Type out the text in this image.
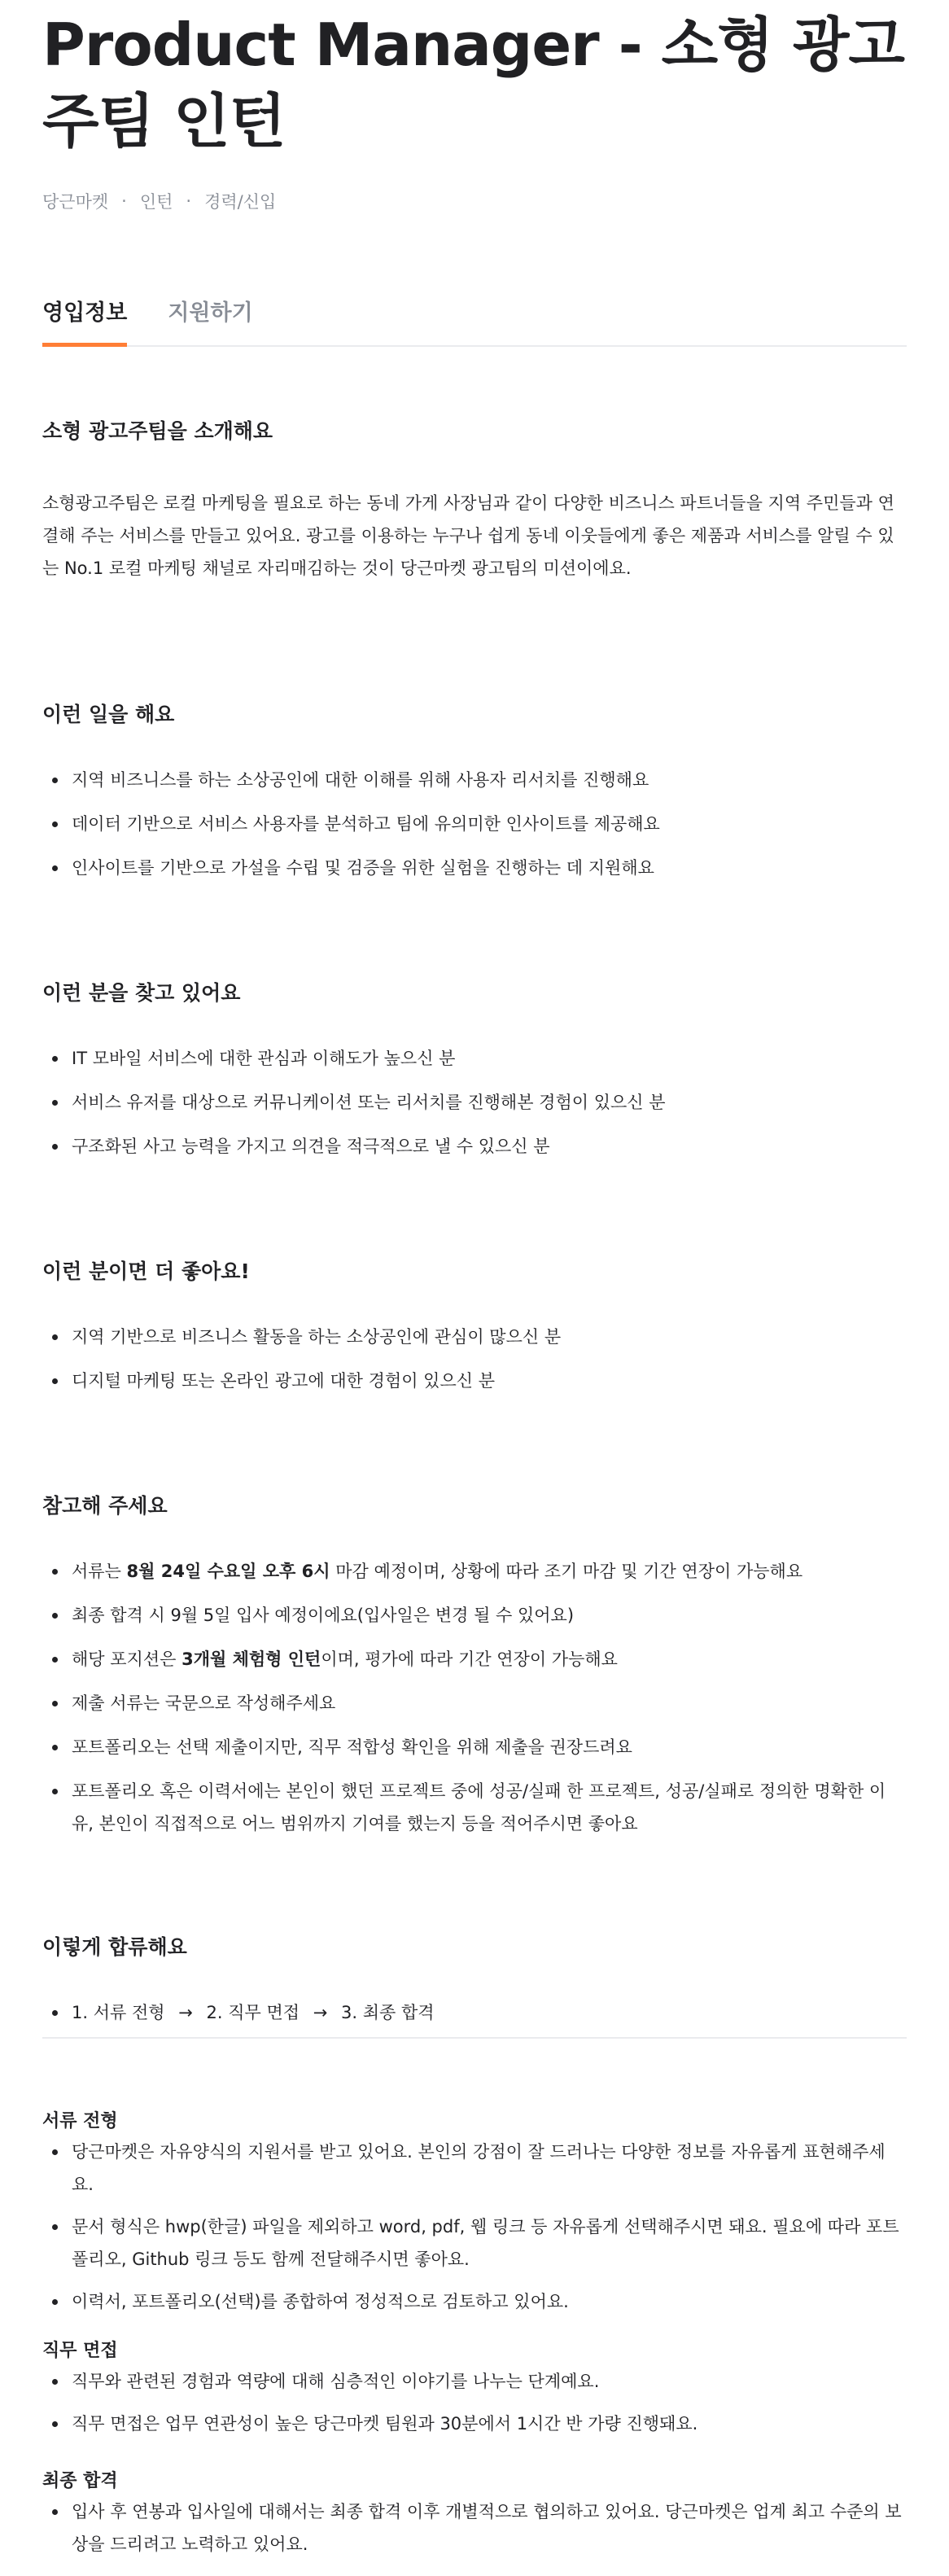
Product Manager - 소형 광고주팀 인턴
당근마켓 · 인턴 · 경력/신입
영입정보 지원하기
소형 광고주팀을 소개해요

소형광고주팀은 로컬 마케팅을 필요로 하는 동네 가게 사장님과 같이 다양한 비즈니스 파트너들을 지역 주민들과 연결해 주는 서비스를 만들고 있어요. 광고를 이용하는 누구나 쉽게 동네 이웃들에게 좋은 제품과 서비스를 알릴 수 있는 No.1 로컬 마케팅 채널로 자리매김하는 것이 당근마켓 광고팀의 미션이에요.

이런 일을 해요
지역 비즈니스를 하는 소상공인에 대한 이해를 위해 사용자 리서치를 진행해요
데이터 기반으로 서비스 사용자를 분석하고 팀에 유의미한 인사이트를 제공해요
인사이트를 기반으로 가설을 수립 및 검증을 위한 실험을 진행하는 데 지원해요
이런 분을 찾고 있어요
IT 모바일 서비스에 대한 관심과 이해도가 높으신 분
서비스 유저를 대상으로 커뮤니케이션 또는 리서치를 진행해본 경험이 있으신 분
구조화된 사고 능력을 가지고 의견을 적극적으로 낼 수 있으신 분
이런 분이면 더 좋아요!
지역 기반으로 비즈니스 활동을 하는 소상공인에 관심이 많으신 분
디지털 마케팅 또는 온라인 광고에 대한 경험이 있으신 분
참고해 주세요
서류는 8월 24일 수요일 오후 6시 마감 예정이며, 상황에 따라 조기 마감 및 기간 연장이 가능해요
최종 합격 시 9월 5일 입사 예정이에요(입사일은 변경 될 수 있어요)
해당 포지션은 3개월 체험형 인턴이며, 평가에 따라 기간 연장이 가능해요
제출 서류는 국문으로 작성해주세요
포트폴리오는 선택 제출이지만, 직무 적합성 확인을 위해 제출을 권장드려요
포트폴리오 혹은 이력서에는 본인이 했던 프로젝트 중에 성공/실패 한 프로젝트, 성공/실패로 정의한 명확한 이유, 본인이 직접적으로 어느 범위까지 기여를 했는지 등을 적어주시면 좋아요
이렇게 합류해요
1. 서류 전형 → 2. 직무 면접 → 3. 최종 합격
서류 전형
당근마켓은 자유양식의 지원서를 받고 있어요. 본인의 강점이 잘 드러나는 다양한 정보를 자유롭게 표현해주세요.
문서 형식은 hwp(한글) 파일을 제외하고 word, pdf, 웹 링크 등 자유롭게 선택해주시면 돼요. 필요에 따라 포트폴리오, Github 링크 등도 함께 전달해주시면 좋아요.
이력서, 포트폴리오(선택)를 종합하여 정성적으로 검토하고 있어요.
직무 면접
직무와 관련된 경험과 역량에 대해 심층적인 이야기를 나누는 단계예요.
직무 면접은 업무 연관성이 높은 당근마켓 팀원과 30분에서 1시간 반 가량 진행돼요.
최종 합격
입사 후 연봉과 입사일에 대해서는 최종 합격 이후 개별적으로 협의하고 있어요. 당근마켓은 업계 최고 수준의 보상을 드리려고 노력하고 있어요.
